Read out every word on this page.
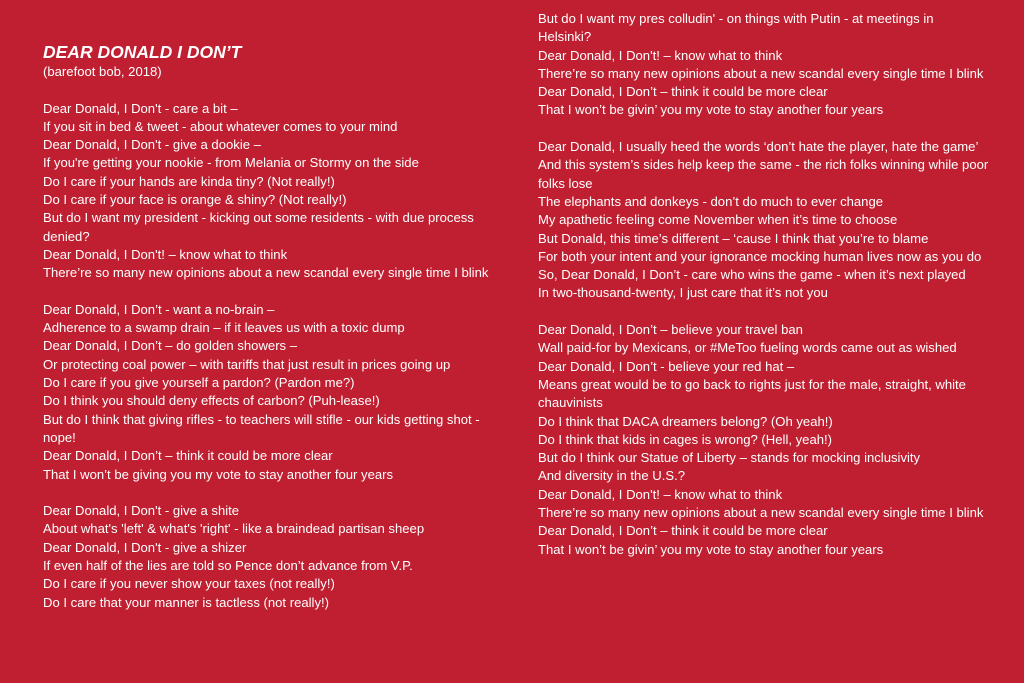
DEAR DONALD I DON’T
(barefoot bob, 2018)
Dear Donald, I Don't - care a bit –
If you sit in bed & tweet - about whatever comes to your mind
Dear Donald, I Don't - give a dookie –
If you're getting your nookie - from Melania or Stormy on the side
Do I care if your hands are kinda tiny? (Not really!)
Do I care if your face is orange & shiny? (Not really!)
But do I want my president - kicking out some residents - with due process denied?
Dear Donald, I Don't! – know what to think
There’re so many new opinions about a new scandal every single time I blink
Dear Donald, I Don’t - want a no-brain –
Adherence to a swamp drain – if it leaves us with a toxic dump
Dear Donald, I Don’t – do golden showers –
Or protecting coal power – with tariffs that just result in prices going up
Do I care if you give yourself a pardon? (Pardon me?)
Do I think you should deny effects of carbon? (Puh-lease!)
But do I think that giving rifles - to teachers will stifle - our kids getting shot - nope!
Dear Donald, I Don’t – think it could be more clear
That I won’t be giving you my vote to stay another four years
Dear Donald, I Don't - give a shite
About what's 'left' & what's 'right' - like a braindead partisan sheep
Dear Donald, I Don't - give a shizer
If even half of the lies are told so Pence don’t advance from V.P.
Do I care if you never show your taxes (not really!)
Do I care that your manner is tactless (not really!)
But do I want my pres colludin' - on things with Putin - at meetings in Helsinki?
Dear Donald, I Don't! – know what to think
There’re so many new opinions about a new scandal every single time I blink
Dear Donald, I Don’t – think it could be more clear
That I won’t be givin’ you my vote to stay another four years
Dear Donald, I usually heed the words ‘don’t hate the player, hate the game’
And this system’s sides help keep the same - the rich folks winning while poor folks lose
The elephants and donkeys - don’t do much to ever change
My apathetic feeling come November when it’s time to choose
But Donald, this time’s different – ‘cause I think that you’re to blame
For both your intent and your ignorance mocking human lives now as you do
So, Dear Donald, I Don’t - care who wins the game - when it’s next played
In two-thousand-twenty, I just care that it’s not you
Dear Donald, I Don’t – believe your travel ban
Wall paid-for by Mexicans, or #MeToo fueling words came out as wished
Dear Donald, I Don’t - believe your red hat –
Means great would be to go back to rights just for the male, straight, white chauvinists
Do I think that DACA dreamers belong? (Oh yeah!)
Do I think that kids in cages is wrong? (Hell, yeah!)
But do I think our Statue of Liberty – stands for mocking inclusivity
And diversity in the U.S.?
Dear Donald, I Don't! – know what to think
There’re so many new opinions about a new scandal every single time I blink
Dear Donald, I Don’t – think it could be more clear
That I won’t be givin’ you my vote to stay another four years
